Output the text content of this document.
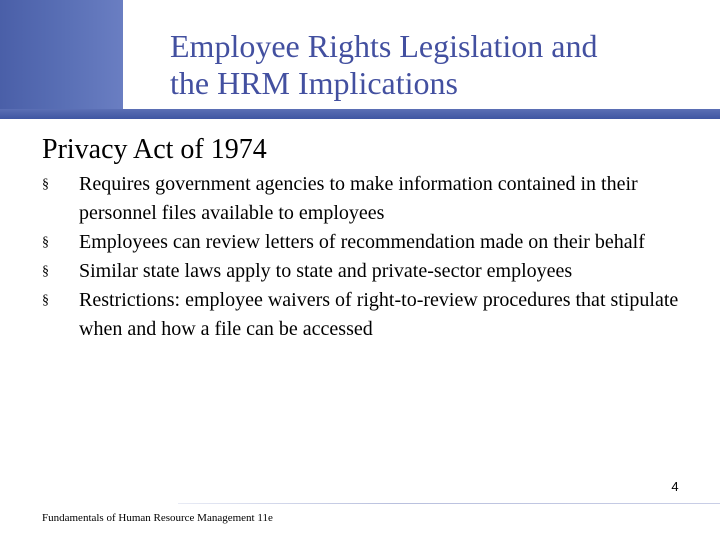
Employee Rights Legislation and
the HRM Implications
Privacy Act of 1974
§	Requires government agencies to make information contained in their personnel files available to employees
§	Employees can review letters of recommendation made on their behalf
§	Similar state laws apply to state and private-sector employees
§	Restrictions: employee waivers of right-to-review procedures that stipulate when and how a file can be accessed
Fundamentals of Human Resource Management 11e
4
